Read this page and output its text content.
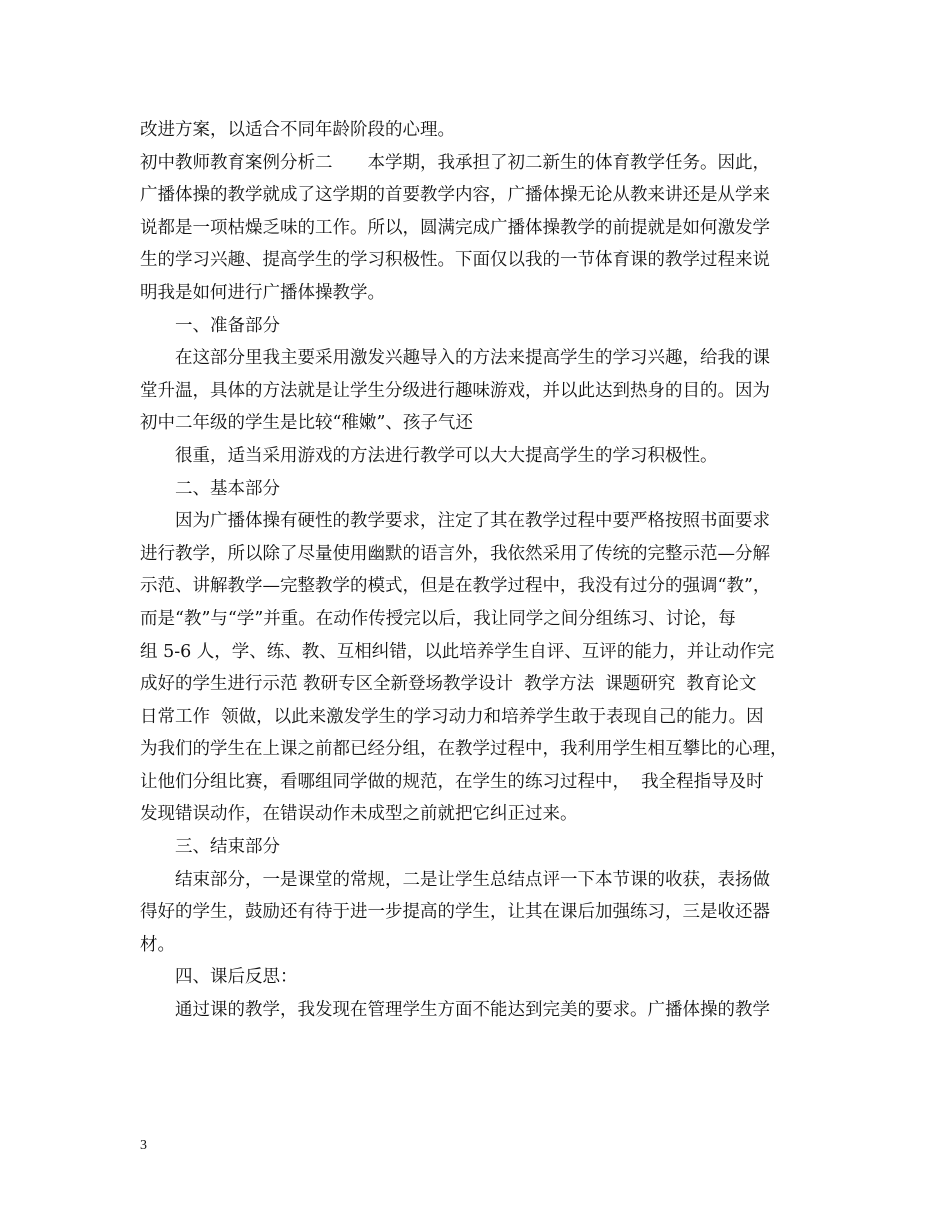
改进方案，以适合不同年龄阶段的心理。

初中教师教育案例分析二　　本学期，我承担了初二新生的体育教学任务。因此，

广播体操的教学就成了这学期的首要教学内容，广播体操无论从教来讲还是从学来

说都是一项枯燥乏味的工作。所以，圆满完成广播体操教学的前提就是如何激发学

生的学习兴趣、提高学生的学习积极性。下面仅以我的一节体育课的教学过程来说

明我是如何进行广播体操教学。

一、准备部分

在这部分里我主要采用激发兴趣导入的方法来提高学生的学习兴趣，给我的课

堂升温，具体的方法就是让学生分级进行趣味游戏，并以此达到热身的目的。因为

初中二年级的学生是比较“稚嫩”、孩子气还

很重，适当采用游戏的方法进行教学可以大大提高学生的学习积极性。

二、基本部分

因为广播体操有硬性的教学要求，注定了其在教学过程中要严格按照书面要求

进行教学，所以除了尽量使用幽默的语言外，我依然采用了传统的完整示范—分解

示范、讲解教学—完整教学的模式，但是在教学过程中，我没有过分的强调“教”，

而是“教”与“学”并重。在动作传授完以后，我让同学之间分组练习、讨论，每

组 5-6 人，学、练、教、互相纠错，以此培养学生自评、互评的能力，并让动作完

成好的学生进行示范 教研专区全新登场教学设计  教学方法  课题研究  教育论文

日常工作  领做，以此来激发学生的学习动力和培养学生敢于表现自己的能力。因

为我们的学生在上课之前都已经分组，在教学过程中，我利用学生相互攀比的心理，

让他们分组比赛，看哪组同学做的规范，在学生的练习过程中，  我全程指导及时

发现错误动作，在错误动作未成型之前就把它纠正过来。

三、结束部分

结束部分，一是课堂的常规，二是让学生总结点评一下本节课的收获，表扬做

得好的学生，鼓励还有待于进一步提高的学生，让其在课后加强练习，三是收还器

材。

四、课后反思：

通过课的教学，我发现在管理学生方面不能达到完美的要求。广播体操的教学

3
